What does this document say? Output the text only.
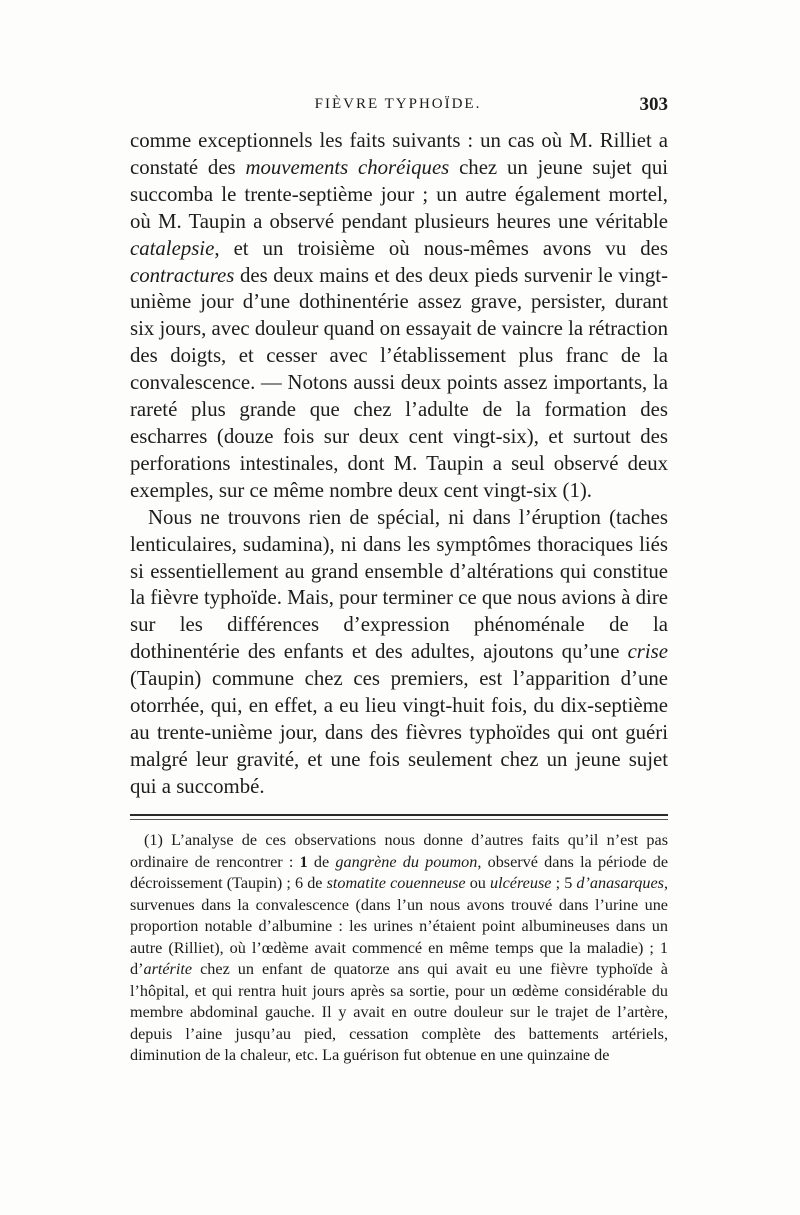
FIÈVRE TYPHOÏDE.	303

comme exceptionnels les faits suivants : un cas où M. Rilliet a constaté des mouvements choréiques chez un jeune sujet qui succomba le trente-septième jour ; un autre également mortel, où M. Taupin a observé pendant plusieurs heures une véritable catalepsie, et un troisième où nous-mêmes avons vu des contractures des deux mains et des deux pieds survenir le vingt-unième jour d’une dothinentérie assez grave, persister, durant six jours, avec douleur quand on essayait de vaincre la rétraction des doigts, et cesser avec l’établissement plus franc de la convalescence. — Notons aussi deux points assez importants, la rareté plus grande que chez l’adulte de la formation des escharres (douze fois sur deux cent vingt-six), et surtout des perforations intestinales, dont M. Taupin a seul observé deux exemples, sur ce même nombre deux cent vingt-six (1).

Nous ne trouvons rien de spécial, ni dans l’éruption (taches lenticulaires, sudamina), ni dans les symptômes thoraciques liés si essentiellement au grand ensemble d’altérations qui constitue la fièvre typhoïde. Mais, pour terminer ce que nous avions à dire sur les différences d’expression phénoménale de la dothinentérie des enfants et des adultes, ajoutons qu’une crise (Taupin) commune chez ces premiers, est l’apparition d’une otorrhée, qui, en effet, a eu lieu vingt-huit fois, du dix-septième au trente-unième jour, dans des fièvres typhoïdes qui ont guéri malgré leur gravité, et une fois seulement chez un jeune sujet qui a succombé.

(1) L’analyse de ces observations nous donne d’autres faits qu’il n’est pas ordinaire de rencontrer : 1 de gangrène du poumon, observé dans la période de décroissement (Taupin) ; 6 de stomatite couenneuse ou ulcéreuse ; 5 d’anasarques, survenues dans la convalescence (dans l’un nous avons trouvé dans l’urine une proportion notable d’albumine : les urines n’étaient point albumineuses dans un autre (Rilliet), où l’œdème avait commencé en même temps que la maladie) ; 1 d’artérite chez un enfant de quatorze ans qui avait eu une fièvre typhoïde à l’hôpital, et qui rentra huit jours après sa sortie, pour un œdème considérable du membre abdominal gauche. Il y avait en outre douleur sur le trajet de l’artère, depuis l’aine jusqu’au pied, cessation complète des battements artériels, diminution de la chaleur, etc. La guérison fut obtenue en une quinzaine de
